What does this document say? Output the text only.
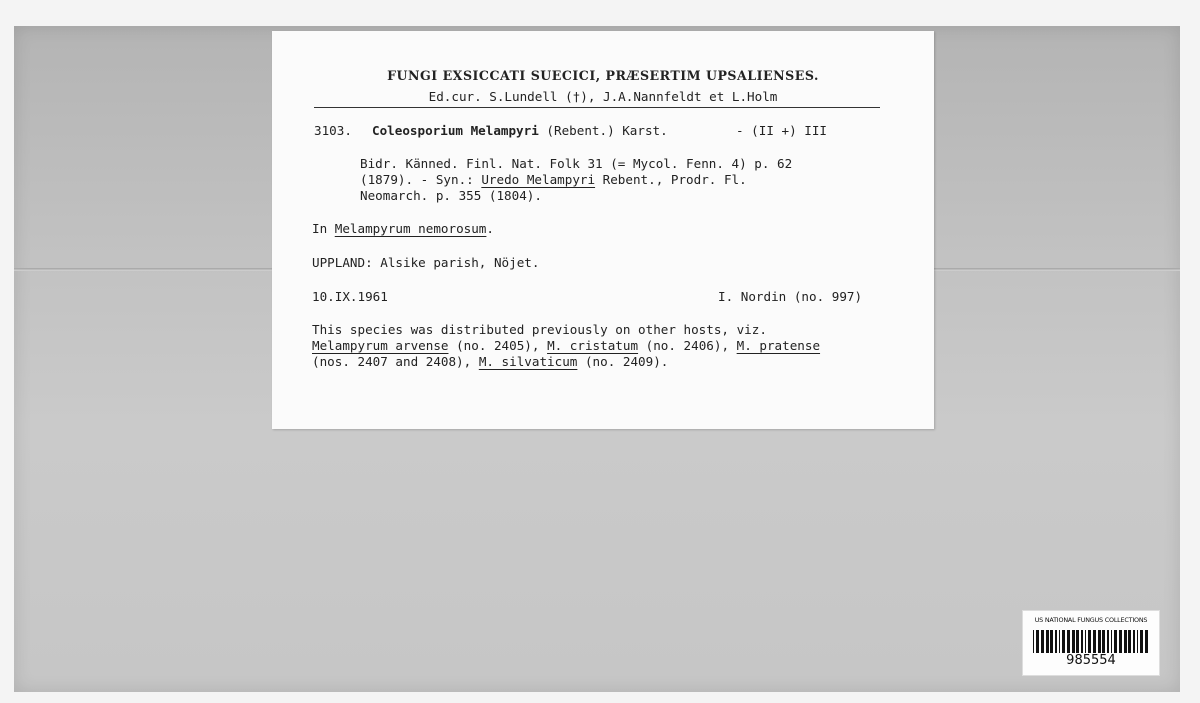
FUNGI EXSICCATI SUECICI, PRÆSERTIM UPSALIENSES.
Ed.cur. S.Lundell (†), J.A.Nannfeldt et L.Holm
3103. Coleosporium Melampyri (Rebent.) Karst.	- (II +) III
Bidr. Känned. Finl. Nat. Folk 31 (= Mycol. Fenn. 4) p. 62
(1879). - Syn.: Uredo Melampyri Rebent., Prodr. Fl.
Neomarch. p. 355 (1804).
In Melampyrum nemorosum.
UPPLAND: Alsike parish, Nöjet.
10.IX.1961	I. Nordin (no. 997)
This species was distributed previously on other hosts, viz.
Melampyrum arvense (no. 2405), M. cristatum (no. 2406), M. pratense
(nos. 2407 and 2408), M. silvaticum (no. 2409).
US NATIONAL FUNGUS COLLECTIONS
985554
